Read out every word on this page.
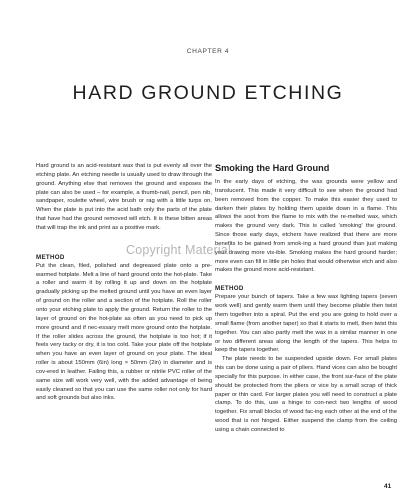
CHAPTER 4
HARD GROUND ETCHING

Hard ground is an acid-resistant wax that is put evenly all over the etching plate. An etching needle is usually used to draw through the ground. Anything else that removes the ground and exposes the plate can also be used – for example, a thumb-nail, pencil, pen nib, sandpaper, roulette wheel, wire brush or rag with a little turps on. When the plate is put into the acid bath only the parts of the plate that have had the ground removed will etch. It is these bitten areas that will trap the ink and print as a positive mark.

METHOD

Put the clean, filed, polished and degreased plate onto a pre-warmed hotplate. Melt a line of hard ground onto the hot-plate. Take a roller and warm it by rolling it up and down on the hotplate gradually picking up the melted ground until you have an even layer of ground on the roller and a section of the hotplate. Roll the roller onto your etching plate to apply the ground. Return the roller to the layer of ground on the hot-plate as often as you need to pick up more ground and if nec-essary melt more ground onto the hotplate. If the roller slides across the ground, the hotplate is too hot; if it feels very tacky or dry, it is too cold. Take your plate off the hotplate when you have an even layer of ground on your plate. The ideal roller is about 150mm (6in) long × 50mm (2in) in diameter and is cov-ered in leather. Failing this, a rubber or nitrile PVC roller of the same size will work very well, with the added advantage of being easily cleaned so that you can use the same roller not only for hard and soft grounds but also inks.

Smoking the Hard Ground

In the early days of etching, the wax grounds were yellow and translucent. This made it very difficult to see when the ground had been removed from the copper. To make this easier they used to darken their plates by holding them upside down in a flame. This allows the soot from the flame to mix with the re-melted wax, which makes the ground very dark. This is called 'smoking' the ground. Since those early days, etchers have realized that there are more benefits to be gained from smok-ing a hard ground than just making your drawing more vis-ible. Smoking makes the hard ground harder; more even can fill in little pin holes that would otherwise etch and also makes the ground more acid-resistant.

METHOD

Prepare your bunch of tapers. Take a few wax lighting tapers (seven work well) and gently warm them until they become pliable then twist them together into a spiral. Put the end you are going to hold over a small flame (from another taper) so that it starts to melt, then twist this together. You can also partly melt the wax in a similar manner in one or two different areas along the length of the tapers. This helps to keep the tapers together.

The plate needs to be suspended upside down. For small plates this can be done using a pair of pliers. Hand vices can also be bought specially for this purpose. In either case, the front sur-face of the plate should be protected from the pliers or vice by a small scrap of thick paper or thin card. For larger plates you will need to construct a plate clamp. To do this, use a hinge to con-nect two lengths of wood together. Fix small blocks of wood fac-ing each other at the end of the wood that is not hinged. Either suspend the clamp from the ceiling using a chain connected to

Copyright Material
41
